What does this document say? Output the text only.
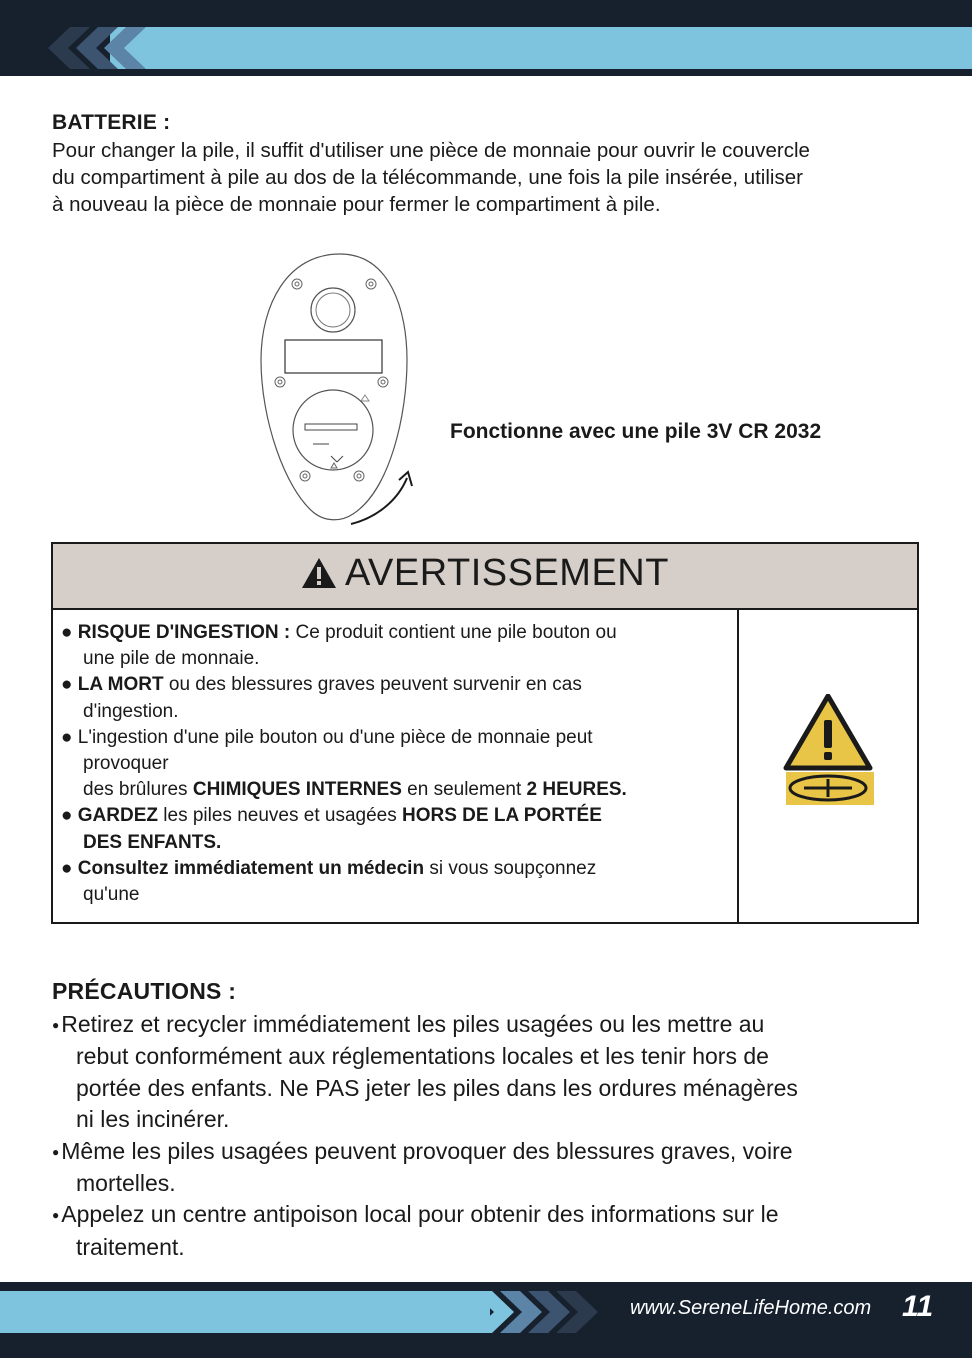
BATTERIE :
Pour changer la pile, il suffit d'utiliser une pièce de monnaie pour ouvrir le couvercle
du compartiment à pile au dos de la télécommande, une fois la pile insérée, utiliser
à nouveau la pièce de monnaie pour fermer le compartiment à pile.
Fonctionne avec une pile 3V CR 2032
AVERTISSEMENT
● RISQUE D'INGESTION : Ce produit contient une pile bouton ou
une pile de monnaie.
● LA MORT ou des blessures graves peuvent survenir en cas
d'ingestion.
● L'ingestion d'une pile bouton ou d'une pièce de monnaie peut
provoquer
des brûlures CHIMIQUES INTERNES en seulement 2 HEURES.
● GARDEZ les piles neuves et usagées HORS DE LA PORTÉE
DES ENFANTS.
● Consultez immédiatement un médecin si vous soupçonnez
qu'une
PRÉCAUTIONS :
●Retirez et recycler immédiatement les piles usagées ou les mettre au
rebut conformément aux réglementations locales et les tenir hors de
portée des enfants. Ne PAS jeter les piles dans les ordures ménagères
ni les incinérer.
●Même les piles usagées peuvent provoquer des blessures graves, voire
mortelles.
●Appelez un centre antipoison local pour obtenir des informations sur le
traitement.
www.SereneLifeHome.com 11
